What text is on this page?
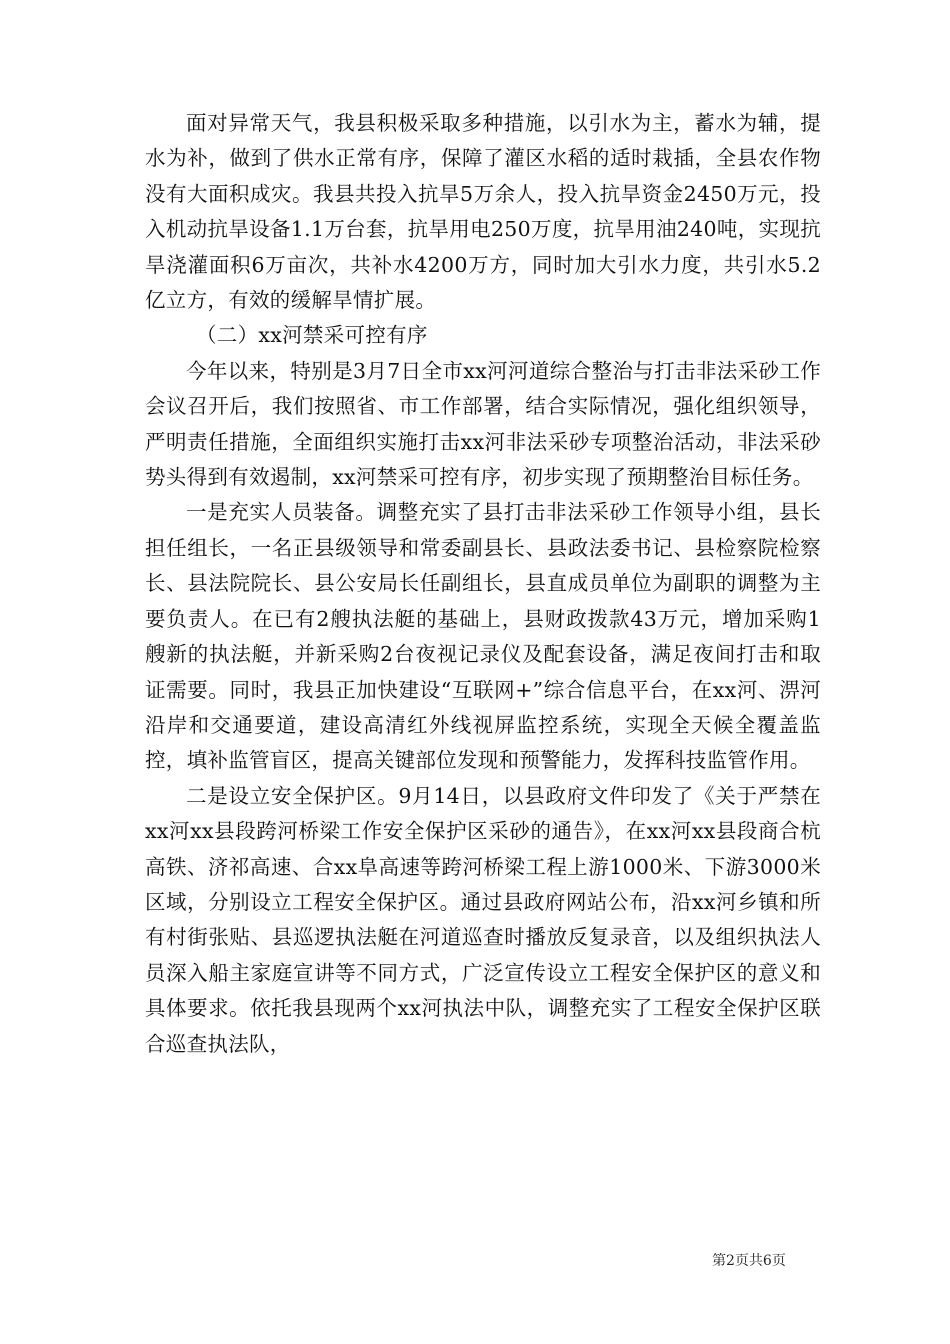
面对异常天气，我县积极采取多种措施，以引水为主，蓄水为辅，提水为补，做到了供水正常有序，保障了灌区水稻的适时栽插，全县农作物没有大面积成灾。我县共投入抗旱5万余人，投入抗旱资金2450万元，投入机动抗旱设备1.1万台套，抗旱用电250万度，抗旱用油240吨，实现抗旱浇灌面积6万亩次，共补水4200万方，同时加大引水力度，共引水5.2亿立方，有效的缓解旱情扩展。

（二）xx河禁采可控有序

今年以来，特别是3月7日全市xx河河道综合整治与打击非法采砂工作会议召开后，我们按照省、市工作部署，结合实际情况，强化组织领导，严明责任措施，全面组织实施打击xx河非法采砂专项整治活动，非法采砂势头得到有效遏制，xx河禁采可控有序，初步实现了预期整治目标任务。

一是充实人员装备。调整充实了县打击非法采砂工作领导小组，县长担任组长，一名正县级领导和常委副县长、县政法委书记、县检察院检察长、县法院院长、县公安局长任副组长，县直成员单位为副职的调整为主要负责人。在已有2艘执法艇的基础上，县财政拨款43万元，增加采购1艘新的执法艇，并新采购2台夜视记录仪及配套设备，满足夜间打击和取证需要。同时，我县正加快建设“互联网+”综合信息平台，在xx河、淠河沿岸和交通要道，建设高清红外线视屏监控系统，实现全天候全覆盖监控，填补监管盲区，提高关键部位发现和预警能力，发挥科技监管作用。

二是设立安全保护区。9月14日，以县政府文件印发了《关于严禁在xx河xx县段跨河桥梁工作安全保护区采砂的通告》，在xx河xx县段商合杭高铁、济祁高速、合xx阜高速等跨河桥梁工程上游1000米、下游3000米区域，分别设立工程安全保护区。通过县政府网站公布，沿xx河乡镇和所有村街张贴、县巡逻执法艇在河道巡查时播放反复录音，以及组织执法人员深入船主家庭宣讲等不同方式，广泛宣传设立工程安全保护区的意义和具体要求。依托我县现两个xx河执法中队，调整充实了工程安全保护区联合巡查执法队，

第2页共6页
